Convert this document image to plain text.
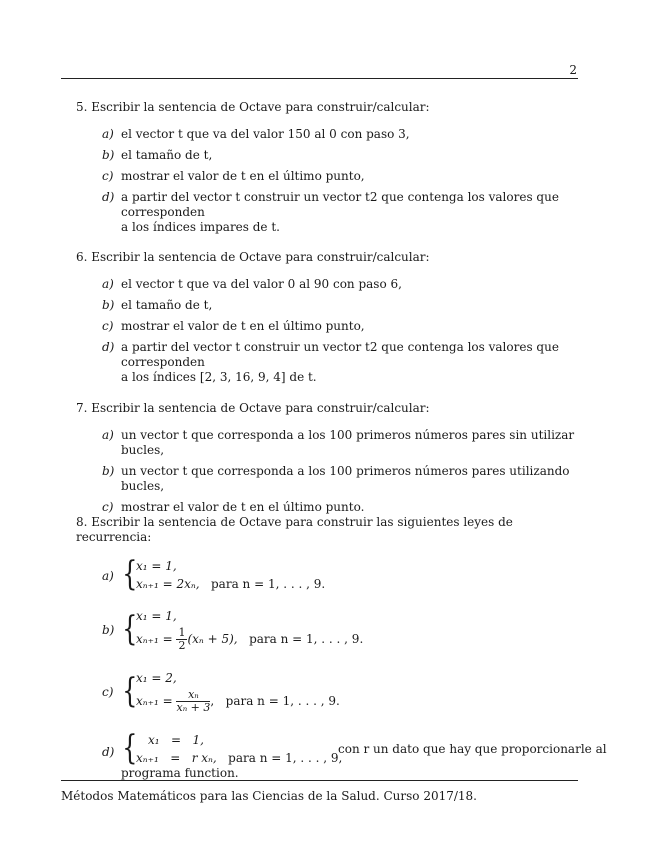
2
5. Escribir la sentencia de Octave para construir/calcular:
a) el vector t que va del valor 150 al 0 con paso 3,
b) el tamaño de t,
c) mostrar el valor de t en el último punto,
d) a partir del vector t construir un vector t2 que contenga los valores que corresponden
a los índices impares de t.
6. Escribir la sentencia de Octave para construir/calcular:
a) el vector t que va del valor 0 al 90 con paso 6,
b) el tamaño de t,
c) mostrar el valor de t en el último punto,
d) a partir del vector t construir un vector t2 que contenga los valores que corresponden
a los índices [2, 3, 16, 9, 4] de t.
7. Escribir la sentencia de Octave para construir/calcular:
a) un vector t que corresponda a los 100 primeros números pares sin utilizar bucles,
b) un vector t que corresponda a los 100 primeros números pares utilizando bucles,
c) mostrar el valor de t en el último punto.
8. Escribir la sentencia de Octave para construir las siguientes leyes de recurrencia:
a) {
x₁ = 1,
xₙ₊₁ = 2xₙ, para n = 1, . . . , 9.
b) {
x₁ = 1,
$x_{n+1} = \frac{1}{2} (x_n + 5)$, para n = 1, . . . , 9.
c) {
x₁ = 2,
$x_{n+1} = \frac{\text{xₙ}}{\text{xₙ + 3}}$ , para n = 1, . . . , 9.
d) { x₁   =   1,
xₙ₊₁   =   r xₙ, para n = 1, . . . , 9,
con r un dato que hay que proporcionarle al
programa function.
Métodos Matemáticos para las Ciencias de la Salud. Curso 2017/18.
